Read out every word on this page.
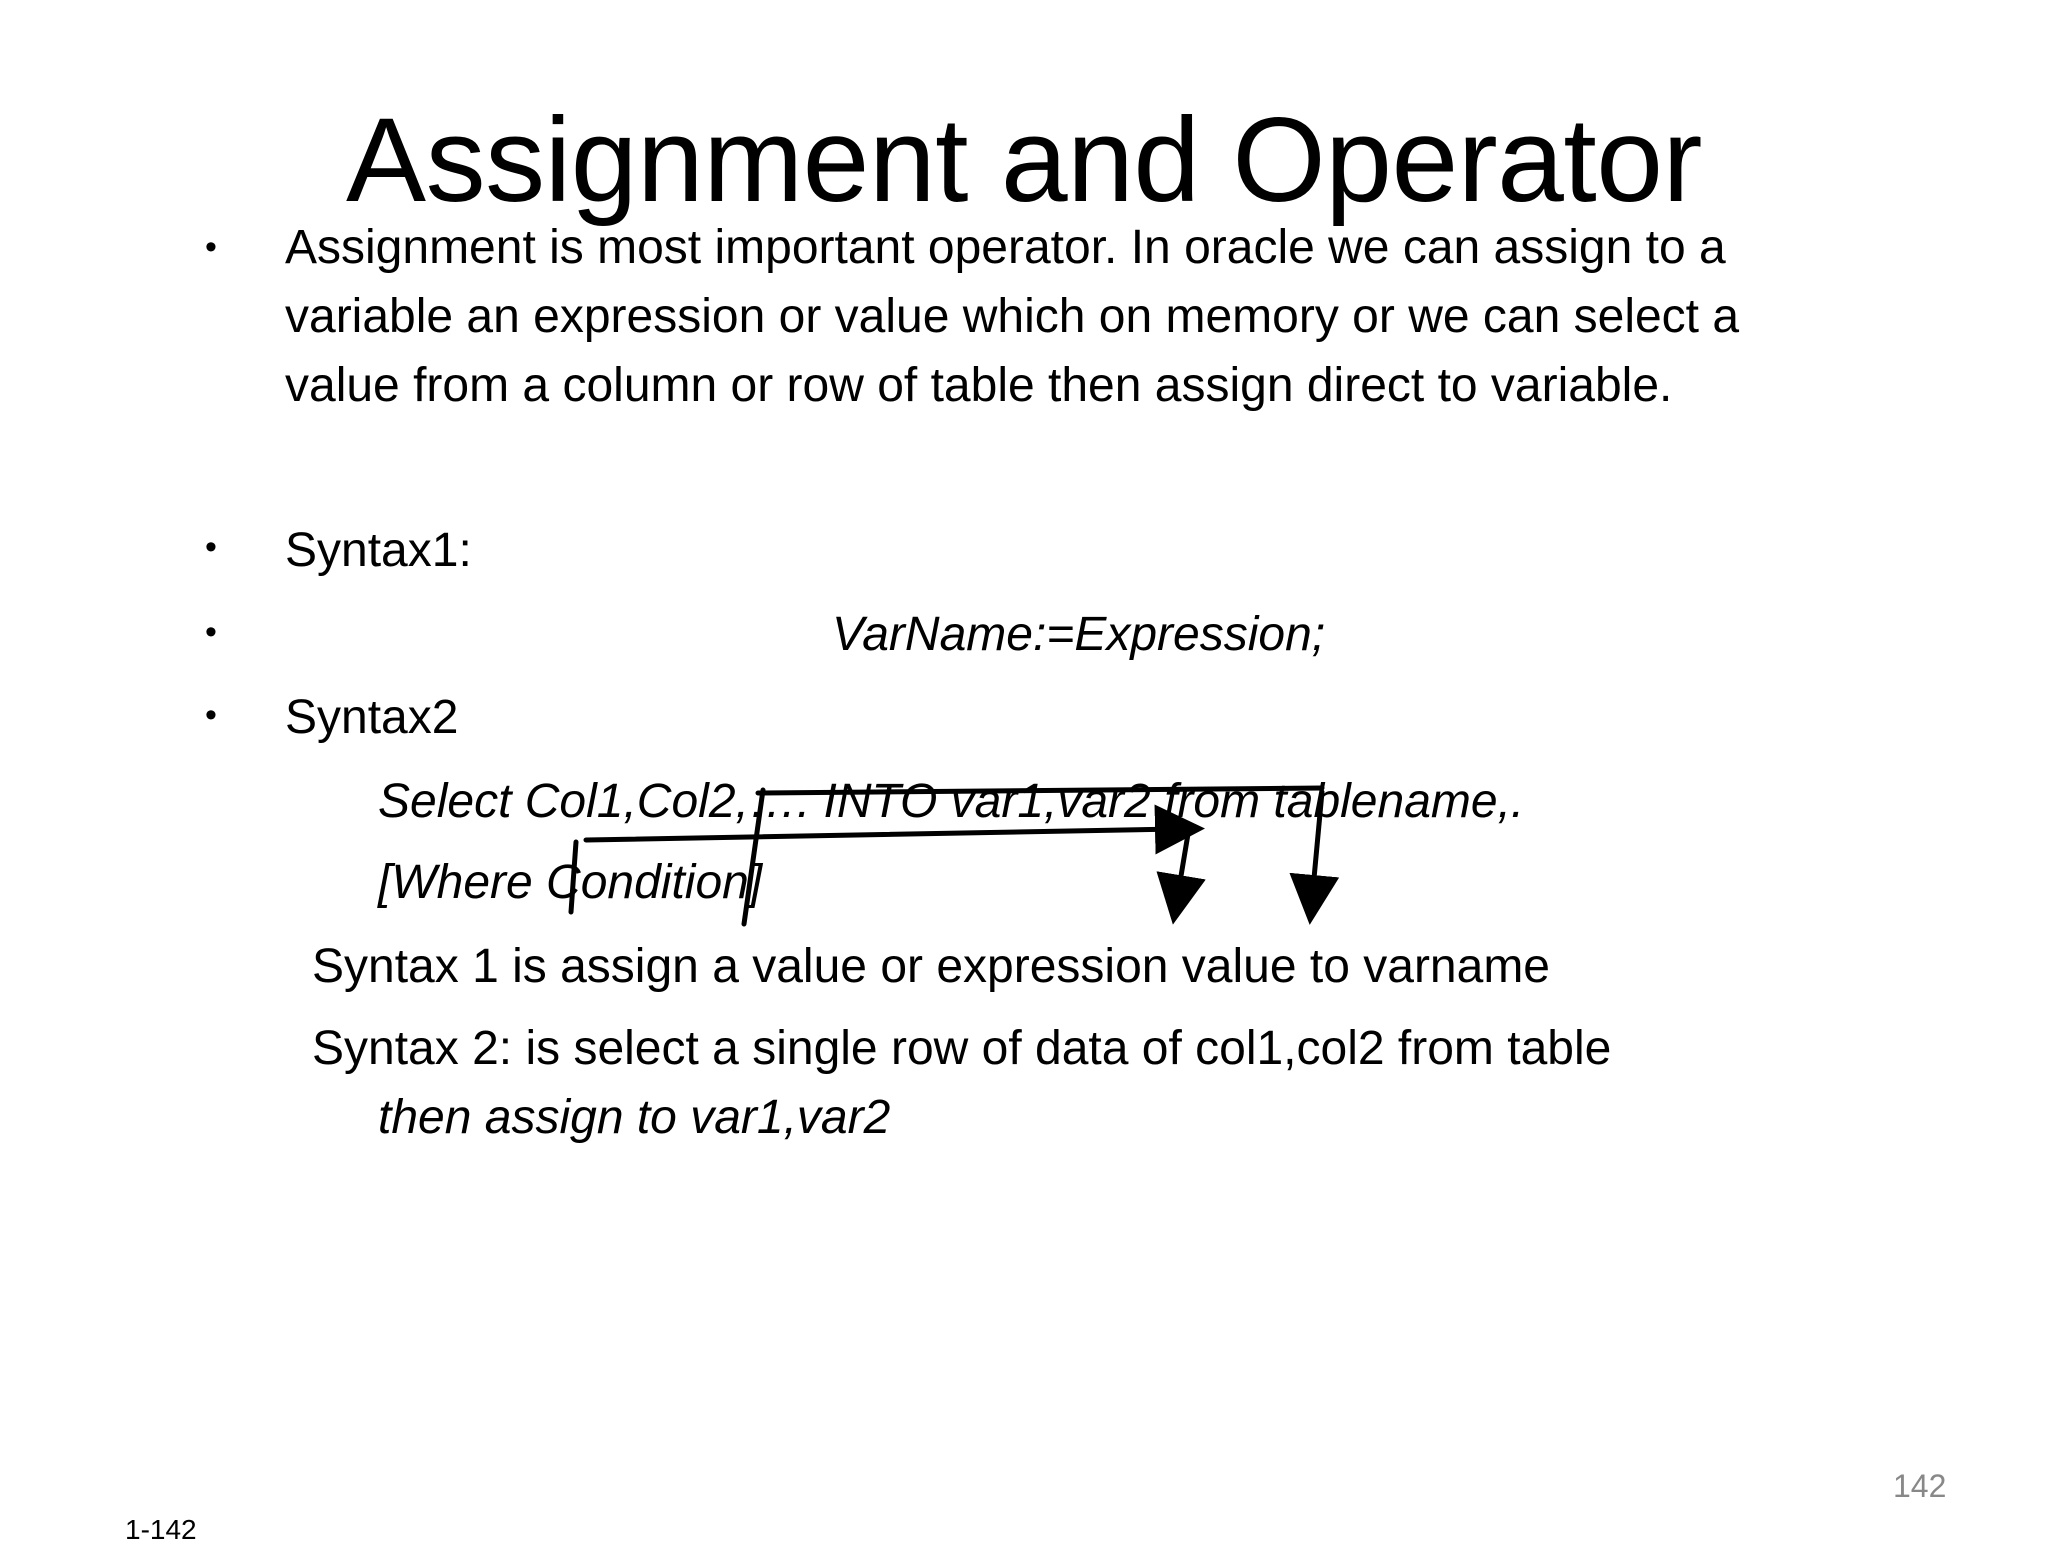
Assignment and Operator
• Assignment is most important operator. In oracle we can assign to a
variable an expression or value which on memory or we can select a
value from a column or row of table then assign direct to variable.
• Syntax1:
•	VarName:=Expression;
• Syntax2
Select Col1,Col2,…. INTO var1,var2 from tablename,.
[Where Condition]
Syntax 1 is assign a value or expression value to varname
Syntax 2: is select a single row of data of col1,col2 from table
then assign to var1,var2
142
1-142
